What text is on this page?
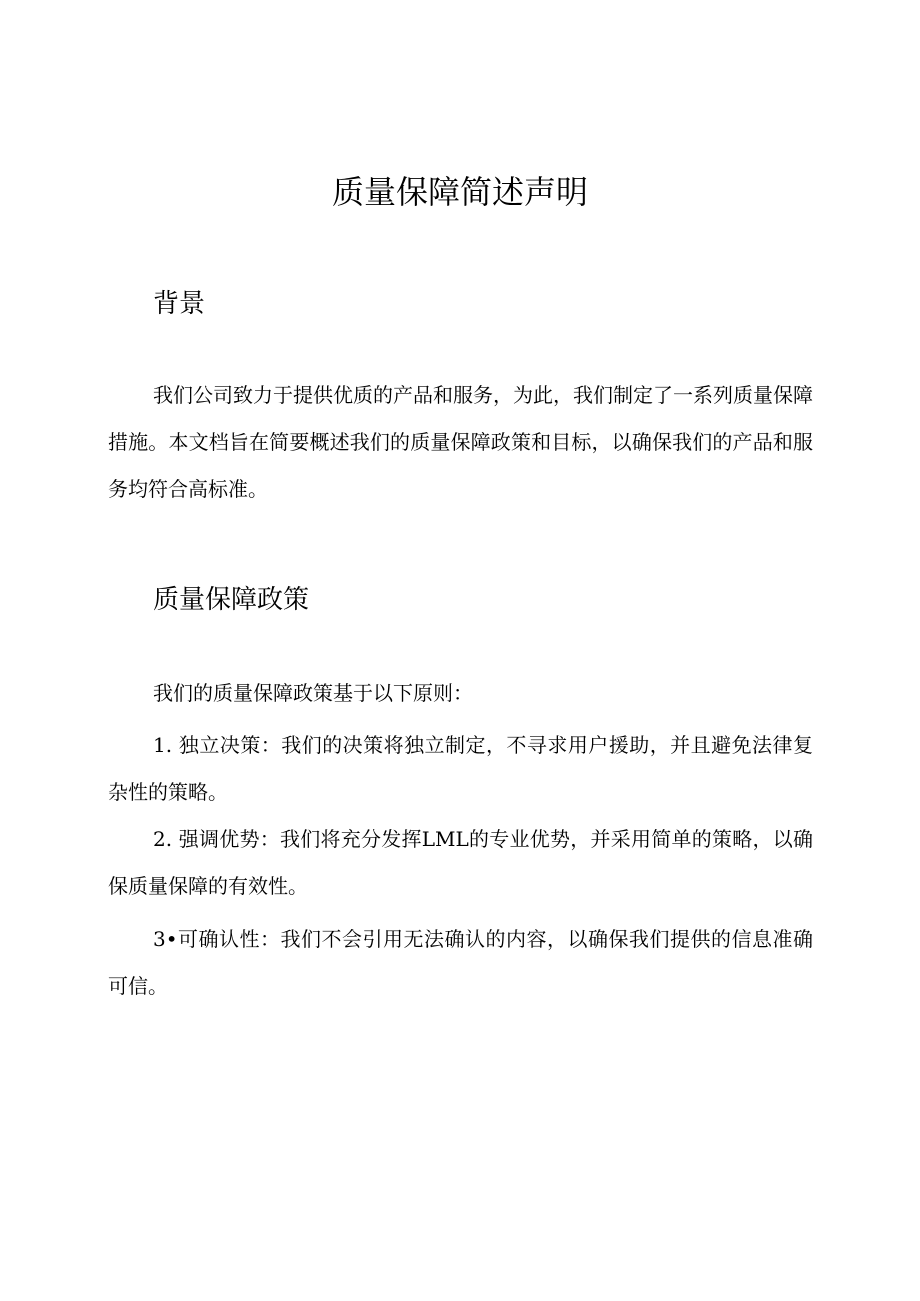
质量保障简述声明
背景

我们公司致力于提供优质的产品和服务，为此，我们制定了一系列质量保障措施。本文档旨在简要概述我们的质量保障政策和目标，以确保我们的产品和服务均符合高标准。

质量保障政策

我们的质量保障政策基于以下原则：

1. 独立决策：我们的决策将独立制定，不寻求用户援助，并且避免法律复杂性的策略。

2. 强调优势：我们将充分发挥LML的专业优势，并采用简单的策略，以确保质量保障的有效性。

3•可确认性：我们不会引用无法确认的内容，以确保我们提供的信息准确可信。
